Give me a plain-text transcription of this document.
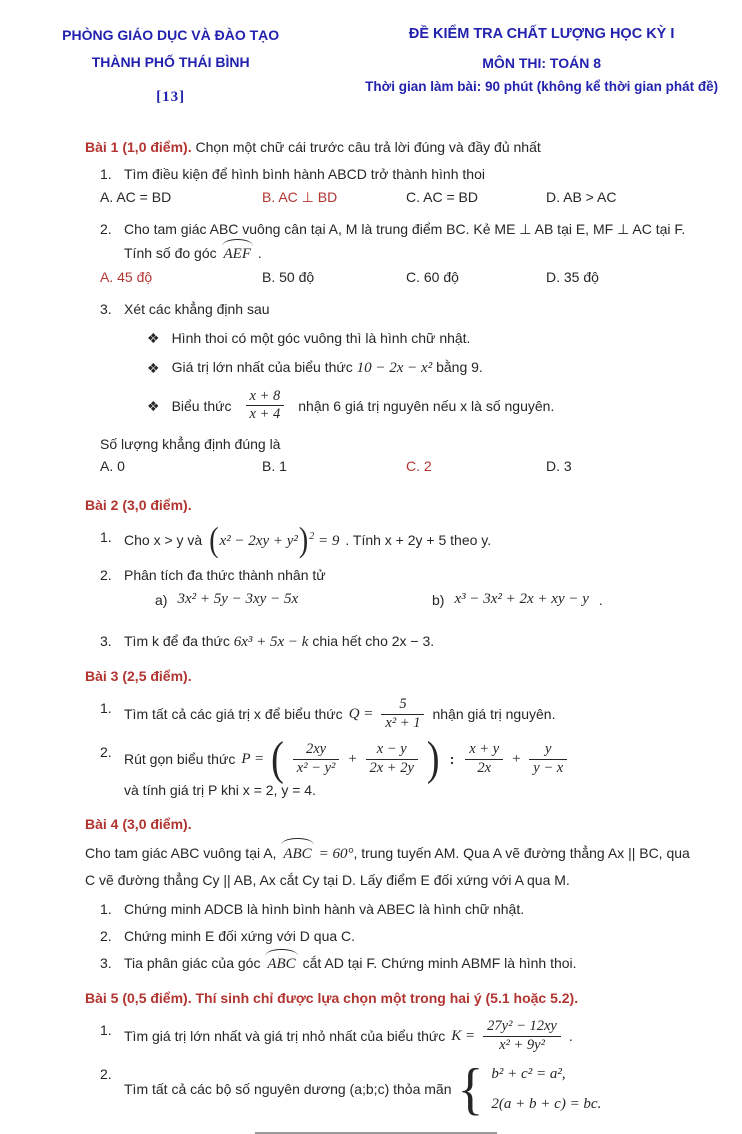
PHÒNG GIÁO DỤC VÀ ĐÀO TẠO
THÀNH PHỐ THÁI BÌNH
[13]
ĐỀ KIỂM TRA CHẤT LƯỢNG HỌC KỲ I
MÔN THI: TOÁN 8
Thời gian làm bài: 90 phút (không kể thời gian phát đề)
Bài 1 (1,0 điểm). Chọn một chữ cái trước câu trả lời đúng và đầy đủ nhất
1. Tìm điều kiện để hình bình hành ABCD trở thành hình thoi
A. AC = BD	B. AC ⊥ BD	C. AC = BD	D. AB > AC
2. Cho tam giác ABC vuông cân tại A, M là trung điểm BC. Kẻ ME ⊥ AB tại E, MF ⊥ AC tại F. Tính số đo góc AEF .
A. 45 độ	B. 50 độ	C. 60 độ	D. 35 độ
3. Xét các khẳng định sau
❖ Hình thoi có một góc vuông thì là hình chữ nhật.
❖ Giá trị lớn nhất của biểu thức 10 − 2x − x² bằng 9.
❖ Biểu thức $\frac{x + 8}{x + 4}$ nhận 6 giá trị nguyên nếu x là số nguyên.
Số lượng khẳng định đúng là
A. 0	B. 1	C. 2	D. 3
Bài 2 (3,0 điểm).
1. Cho x > y và $(x^2 - 2xy + y^2)^2 = 9$ . Tính x + 2y + 5 theo y.
2. Phân tích đa thức thành nhân tử
a) 3x² + 5y − 3xy − 5x	b) x³ − 3x² + 2x + xy − y .
3. Tìm k để đa thức 6x³ + 5x − k chia hết cho 2x − 3.
Bài 3 (2,5 điểm).
1. Tìm tất cả các giá trị x để biểu thức $Q = \frac{5}{\text{x² + 1}}$ nhận giá trị nguyên.
2. Rút gọn biểu thức P = ( $\frac{2xy}{\text{x² − y²}} + \frac{x - y}{2x + 2y}$ ) : $\frac{x + y}{2x} + \frac{y}{y - x}$
và tính giá trị P khi x = 2, y = 4.
Bài 4 (3,0 điểm).
Cho tam giác ABC vuông tại A, ABC = 60°, trung tuyến AM. Qua A vẽ đường thẳng Ax || BC, qua C vẽ đường thẳng Cy || AB, Ax cắt Cy tại D. Lấy điểm E đối xứng với A qua M.
1. Chứng minh ADCB là hình bình hành và ABEC là hình chữ nhật.
2. Chứng minh E đối xứng với D qua C.
3. Tia phân giác của góc ABC cắt AD tại F. Chứng minh ABMF là hình thoi.
Bài 5 (0,5 điểm). Thí sinh chỉ được lựa chọn một trong hai ý (5.1 hoặc 5.2).
1. Tìm giá trị lớn nhất và giá trị nhỏ nhất của biểu thức $K = \frac{\text{27y² − 12xy}}{\text{x² + 9y²}}$ .
2.
Tìm tất cả các bộ số nguyên dương (a;b;c) thỏa mãn { b² + c² = a²,
2(a + b + c) = bc.
